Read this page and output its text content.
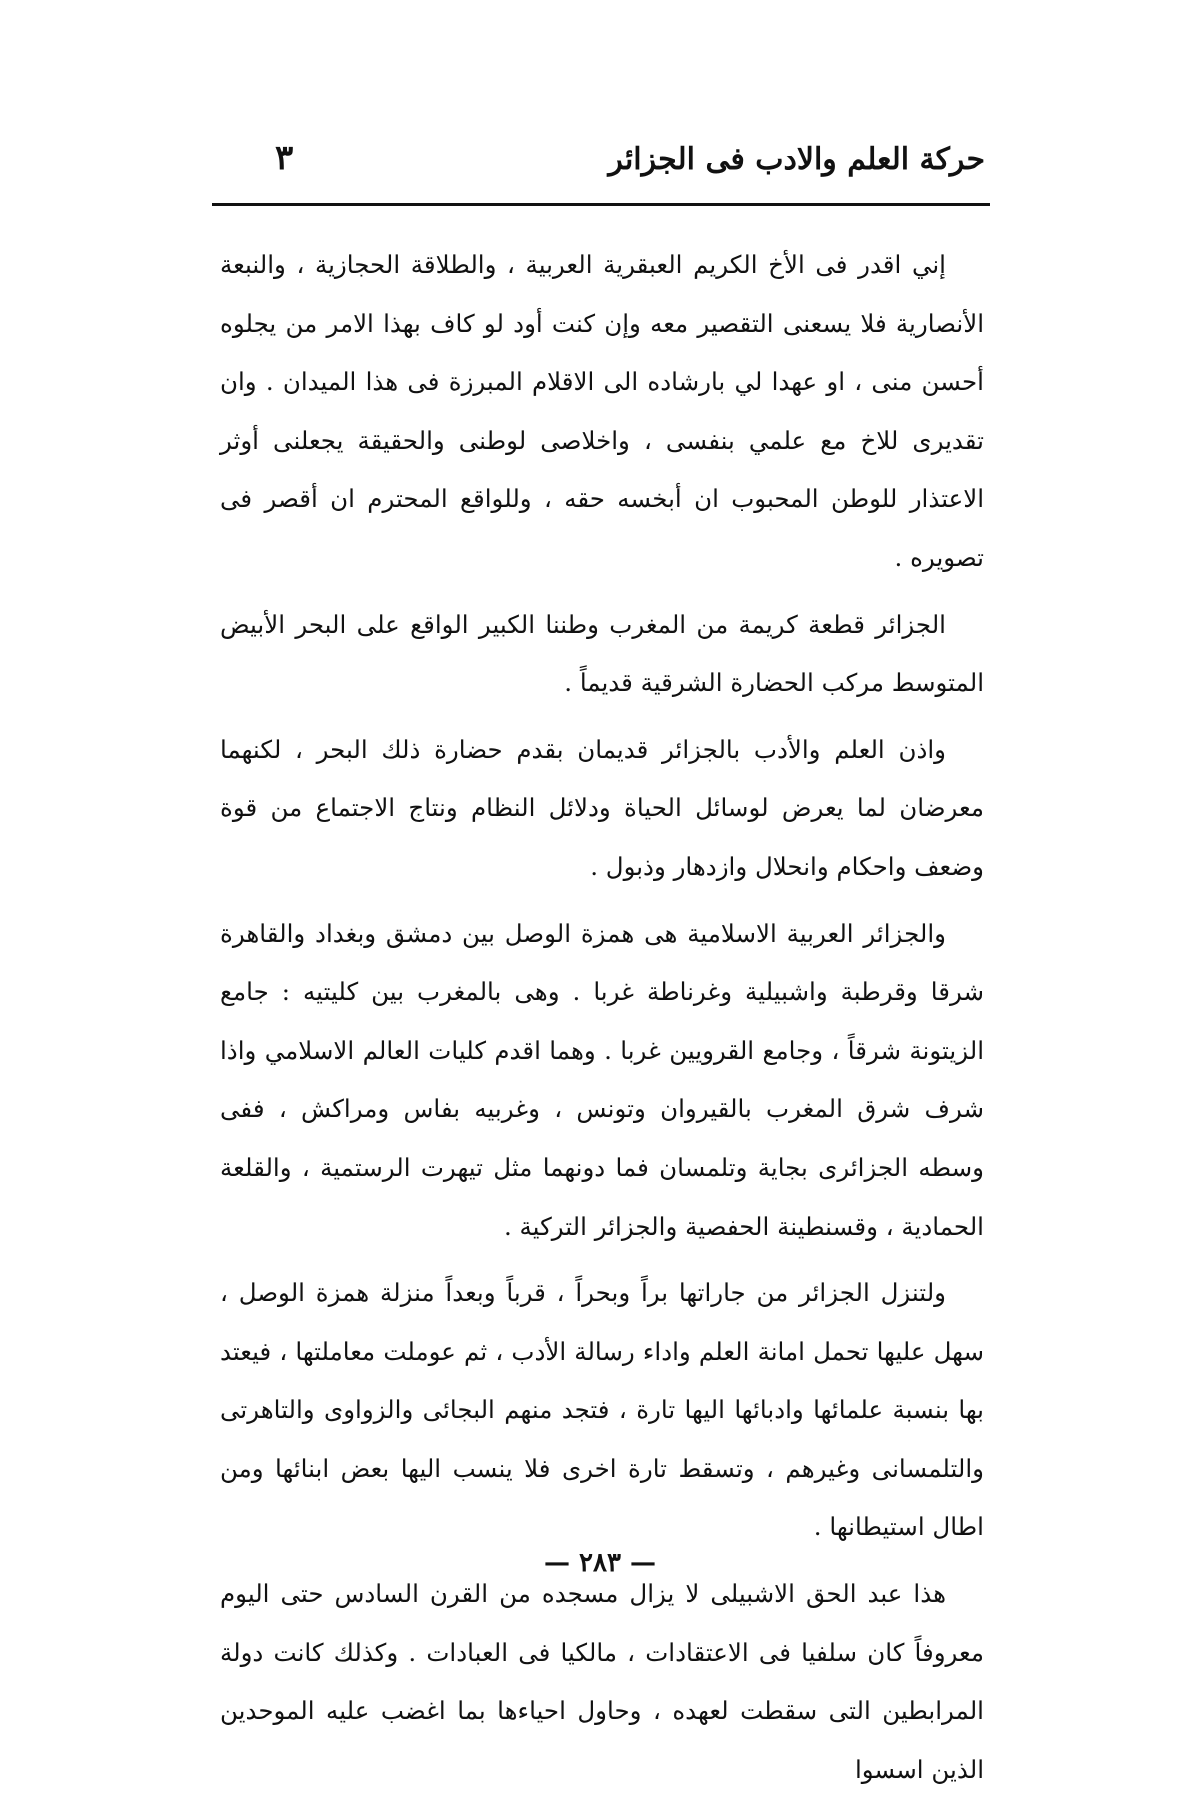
حركة العلم والادب فى الجزائر
٣

إني اقدر فى الأخ الكريم العبقرية العربية ، والطلاقة الحجازية ، والنبعة الأنصارية فلا يسعنى التقصير معه وإن كنت أود لو كاف بهذا الامر من يجلوه أحسن منى ، او عهدا لي بارشاده الى الاقلام المبرزة فى هذا الميدان . وان تقديرى للاخ مع علمي بنفسى ، واخلاصى لوطنى والحقيقة يجعلنى أوثر الاعتذار للوطن المحبوب ان أبخسه حقه ، وللواقع المحترم ان أقصر فى تصويره .

الجزائر قطعة كريمة من المغرب وطننا الكبير الواقع على البحر الأبيض المتوسط مركب الحضارة الشرقية قديماً .

واذن العلم والأدب بالجزائر قديمان بقدم حضارة ذلك البحر ، لكنهما معرضان لما يعرض لوسائل الحياة ودلائل النظام ونتاج الاجتماع من قوة وضعف واحكام وانحلال وازدهار وذبول .

والجزائر العربية الاسلامية هى همزة الوصل بين دمشق وبغداد والقاهرة شرقا وقرطبة واشبيلية وغرناطة غربا . وهى بالمغرب بين كليتيه : جامع الزيتونة شرقاً ، وجامع القرويين غربا . وهما اقدم كليات العالم الاسلامي واذا شرف شرق المغرب بالقيروان وتونس ، وغربيه بفاس ومراكش ، ففى وسطه الجزائرى بجاية وتلمسان فما دونهما مثل تيهرت الرستمية ، والقلعة الحمادية ، وقسنطينة الحفصية والجزائر التركية .

ولتنزل الجزائر من جاراتها براً وبحراً ، قرباً وبعداً منزلة همزة الوصل ، سهل عليها تحمل امانة العلم واداء رسالة الأدب ، ثم عوملت معاملتها ، فيعتد بها بنسبة علمائها وادبائها اليها تارة ، فتجد منهم البجائى والزواوى والتاهرتى والتلمسانى وغيرهم ، وتسقط تارة اخرى فلا ينسب اليها بعض ابنائها ومن اطال استيطانها .

هذا عبد الحق الاشبيلى لا يزال مسجده من القرن السادس حتى اليوم معروفاً كان سلفيا فى الاعتقادات ، مالكيا فى العبادات . وكذلك كانت دولة المرابطين التى سقطت لعهده ، وحاول احياءها بما اغضب عليه الموحدين الذين اسسوا

— ٢٨٣ —
